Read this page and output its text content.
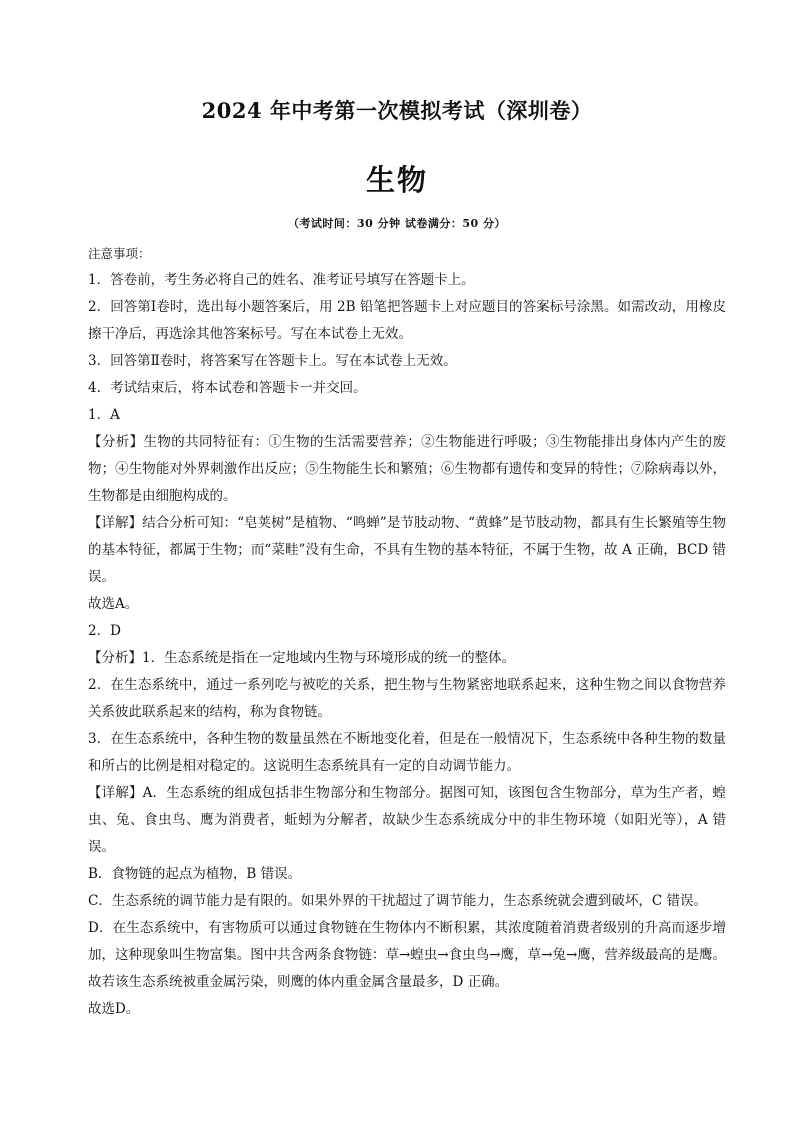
2024 年中考第一次模拟考试（深圳卷）
生物
（考试时间：30 分钟 试卷满分：50 分）

注意事项：

1．答卷前，考生务必将自己的姓名、准考证号填写在答题卡上。

2．回答第Ⅰ卷时，选出每小题答案后，用 2B 铅笔把答题卡上对应题目的答案标号涂黑。如需改动，用橡皮擦干净后，再选涂其他答案标号。写在本试卷上无效。

3．回答第Ⅱ卷时，将答案写在答题卡上。写在本试卷上无效。

4．考试结束后，将本试卷和答题卡一并交回。

1．A

【分析】生物的共同特征有：①生物的生活需要营养；②生物能进行呼吸；③生物能排出身体内产生的废物；④生物能对外界刺激作出反应；⑤生物能生长和繁殖；⑥生物都有遗传和变异的特性；⑦除病毒以外，生物都是由细胞构成的。

【详解】结合分析可知：“皂荚树”是植物、“鸣蝉”是节肢动物、“黄蜂”是节肢动物，都具有生长繁殖等生物的基本特征，都属于生物；而“菜畦”没有生命，不具有生物的基本特征，不属于生物，故 A 正确，BCD 错误。

故选A。

2．D

【分析】1．生态系统是指在一定地域内生物与环境形成的统一的整体。

2．在生态系统中，通过一系列吃与被吃的关系，把生物与生物紧密地联系起来，这种生物之间以食物营养关系彼此联系起来的结构，称为食物链。

3．在生态系统中，各种生物的数量虽然在不断地变化着，但是在一般情况下，生态系统中各种生物的数量和所占的比例是相对稳定的。这说明生态系统具有一定的自动调节能力。

【详解】A．生态系统的组成包括非生物部分和生物部分。据图可知，该图包含生物部分，草为生产者，蝗虫、兔、食虫鸟、鹰为消费者，蚯蚓为分解者，故缺少生态系统成分中的非生物环境（如阳光等），A 错误。

B．食物链的起点为植物，B 错误。

C．生态系统的调节能力是有限的。如果外界的干扰超过了调节能力，生态系统就会遭到破坏，C 错误。

D．在生态系统中，有害物质可以通过食物链在生物体内不断积累，其浓度随着消费者级别的升高而逐步增加，这种现象叫生物富集。图中共含两条食物链：草→蝗虫→食虫鸟→鹰，草→兔→鹰，营养级最高的是鹰。故若该生态系统被重金属污染，则鹰的体内重金属含量最多，D 正确。

故选D。
